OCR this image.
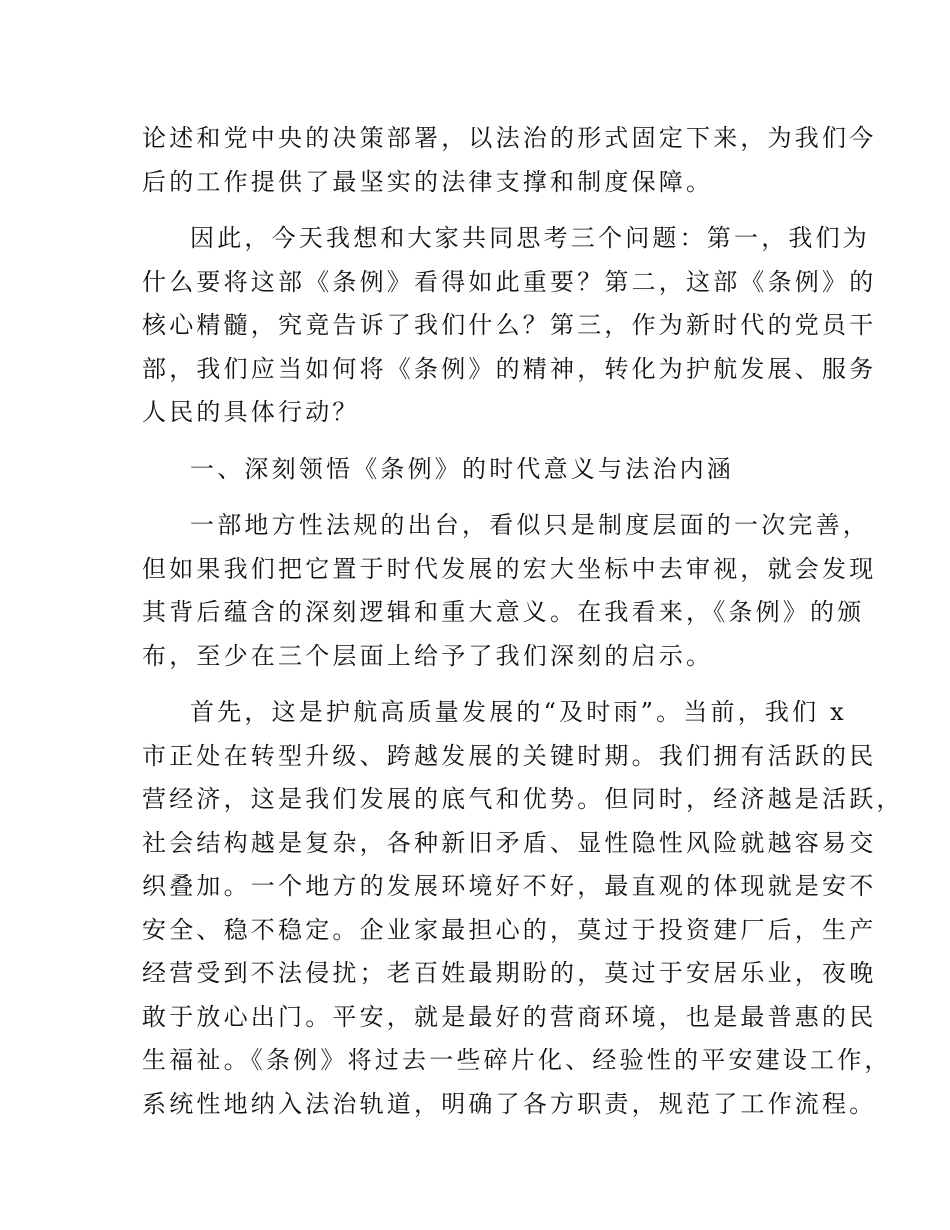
论述和党中央的决策部署，以法治的形式固定下来，为我们今
后的工作提供了最坚实的法律支撑和制度保障。
因此，今天我想和大家共同思考三个问题：第一，我们为
什么要将这部《条例》看得如此重要？第二，这部《条例》的
核心精髓，究竟告诉了我们什么？第三，作为新时代的党员干
部，我们应当如何将《条例》的精神，转化为护航发展、服务
人民的具体行动？
一、深刻领悟《条例》的时代意义与法治内涵
一部地方性法规的出台，看似只是制度层面的一次完善，
但如果我们把它置于时代发展的宏大坐标中去审视，就会发现
其背后蕴含的深刻逻辑和重大意义。在我看来，《条例》的颁
布，至少在三个层面上给予了我们深刻的启示。
首先，这是护航高质量发展的“及时雨”。当前，我们 x
市正处在转型升级、跨越发展的关键时期。我们拥有活跃的民
营经济，这是我们发展的底气和优势。但同时，经济越是活跃，
社会结构越是复杂，各种新旧矛盾、显性隐性风险就越容易交
织叠加。一个地方的发展环境好不好，最直观的体现就是安不
安全、稳不稳定。企业家最担心的，莫过于投资建厂后，生产
经营受到不法侵扰；老百姓最期盼的，莫过于安居乐业，夜晚
敢于放心出门。平安，就是最好的营商环境，也是最普惠的民
生福祉。《条例》将过去一些碎片化、经验性的平安建设工作，
系统性地纳入法治轨道，明确了各方职责，规范了工作流程。
